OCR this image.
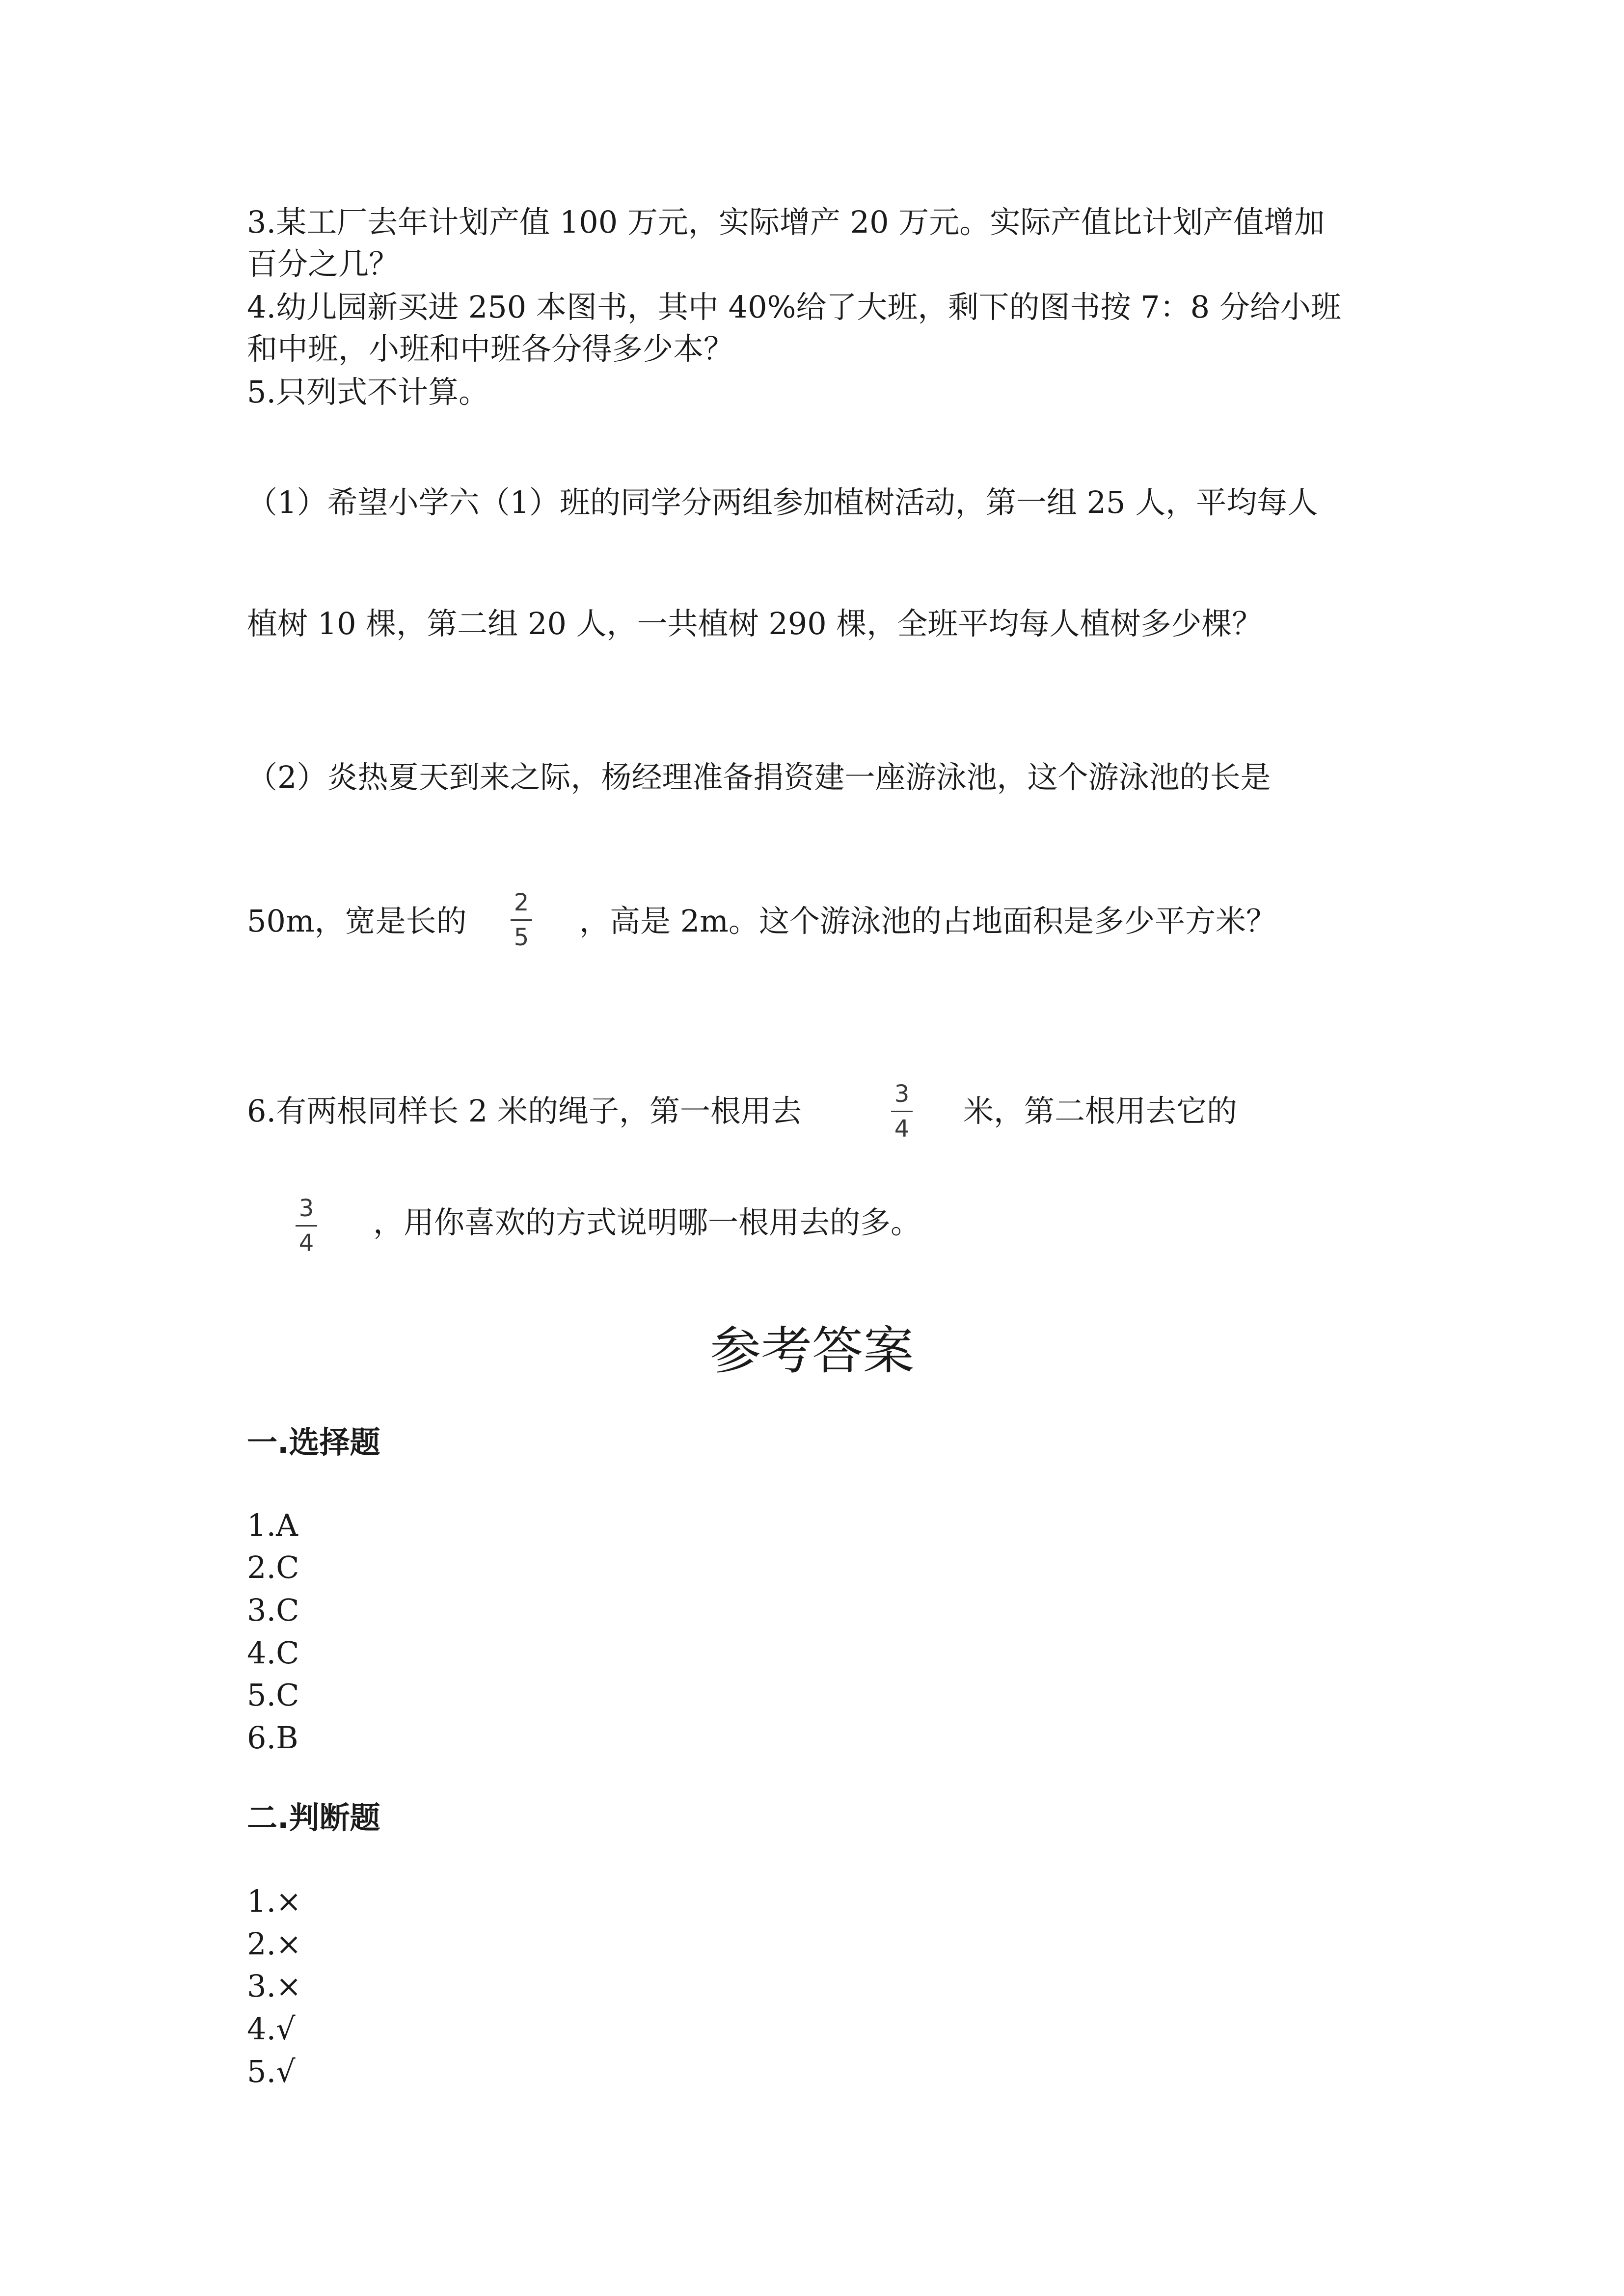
3.某工厂去年计划产值 100 万元，实际增产 20 万元。实际产值比计划产值增加
百分之几？
4.幼儿园新买进 250 本图书，其中 40%给了大班，剩下的图书按 7：8 分给小班
和中班，小班和中班各分得多少本？
5.只列式不计算。
（1）希望小学六（1）班的同学分两组参加植树活动，第一组 25 人，平均每人
植树 10 棵，第二组 20 人，一共植树 290 棵，全班平均每人植树多少棵？
（2）炎热夏天到来之际，杨经理准备捐资建一座游泳池，这个游泳池的长是
50m，宽是长的
2
5 ，高是 2m。这个游泳池的占地面积是多少平方米？
6.有两根同样长 2 米的绳子，第一根用去	3
4 米，第二根用去它的
3
4
，用你喜欢的方式说明哪一根用去的多。
参考答案
一.选择题
1.A
2.C
3.C
4.C
5.C
6.B
二.判断题
1.×
2.×
3.×
4.√
5.√
